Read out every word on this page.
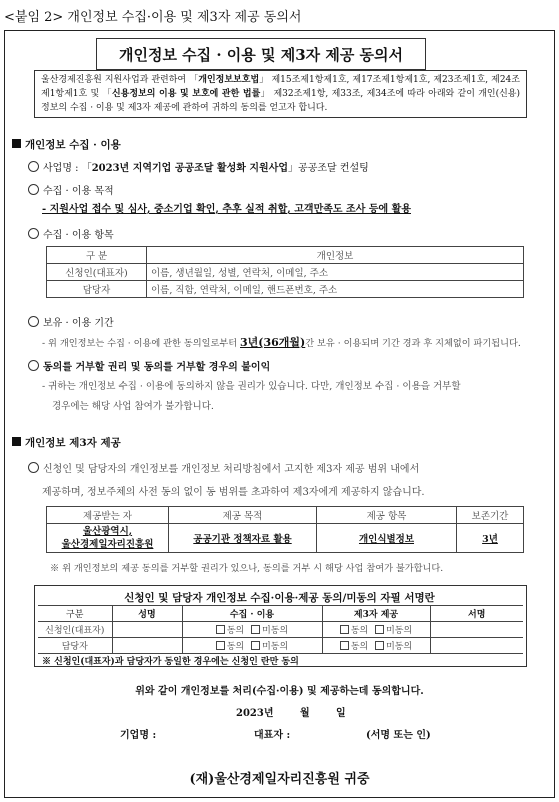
<붙임 2> 개인정보 수집·이용 및 제3자 제공 동의서
개인정보 수집 · 이용 및 제3자 제공 동의서
울산경제진흥원 지원사업과 관련하여 「개인정보보호법」 제15조제1항제1호, 제17조제1항제1호, 제23조제1호, 제24조제1항제1호 및 「신용정보의 이용 및 보호에 관한 법률」 제32조제1항, 제33조, 제34조에 따라 아래와 같이 개인(신용)정보의 수집 · 이용 및 제3자 제공에 관하여 귀하의 동의를 얻고자 합니다.
개인정보 수집 · 이용
사업명 : 「2023년 지역기업 공공조달 활성화 지원사업」공공조달 컨설팅
수집 · 이용 목적
- 지원사업 접수 및 심사, 중소기업 확인, 추후 실적 취합, 고객만족도 조사 등에 활용
수집 · 이용 항목
구 분	개인정보
신청인(대표자)	이름, 생년월일, 성별, 연락처, 이메일, 주소
담당자	이름, 직함, 연락처, 이메일, 핸드폰번호, 주소
보유 · 이용 기간
- 위 개인정보는 수집 · 이용에 관한 동의일로부터 3년(36개월)간 보유 · 이용되며 기간 경과 후 지체없이 파기됩니다.
동의를 거부할 권리 및 동의를 거부할 경우의 불이익
- 귀하는 개인정보 수집 · 이용에 동의하지 않을 권리가 있습니다. 다만, 개인정보 수집 · 이용을 거부할
경우에는 해당 사업 참여가 불가합니다.
개인정보 제3자 제공
신청인 및 담당자의 개인정보를 개인정보 처리방침에서 고지한 제3자 제공 범위 내에서
제공하며, 정보주체의 사전 동의 없이 동 범위를 초과하여 제3자에게 제공하지 않습니다.
제공받는 자	제공 목적	제공 항목	보존기간
울산광역시,
울산경제일자리진흥원	공공기관 정책자료 활용	개인식별정보	3년
※ 위 개인정보의 제공 동의를 거부할 권리가 있으나, 동의를 거부 시 해당 사업 참여가 불가합니다.
신청인 및 담당자 개인정보 수집·이용·제공 동의/미동의 자필 서명란
구분	성명	수집 · 이용	제3자 제공	서명
신청인(대표자)		동의 미동의	동의 미동의	
담당자		동의 미동의	동의 미동의	
※ 신청인(대표자)과 담당자가 동일한 경우에는 신청인 란만 동의
위와 같이 개인정보를 처리(수집·이용) 및 제공하는데 동의합니다.
2023년	월	일
기업명 :	대표자 :	(서명 또는 인)
(재)울산경제일자리진흥원 귀중
